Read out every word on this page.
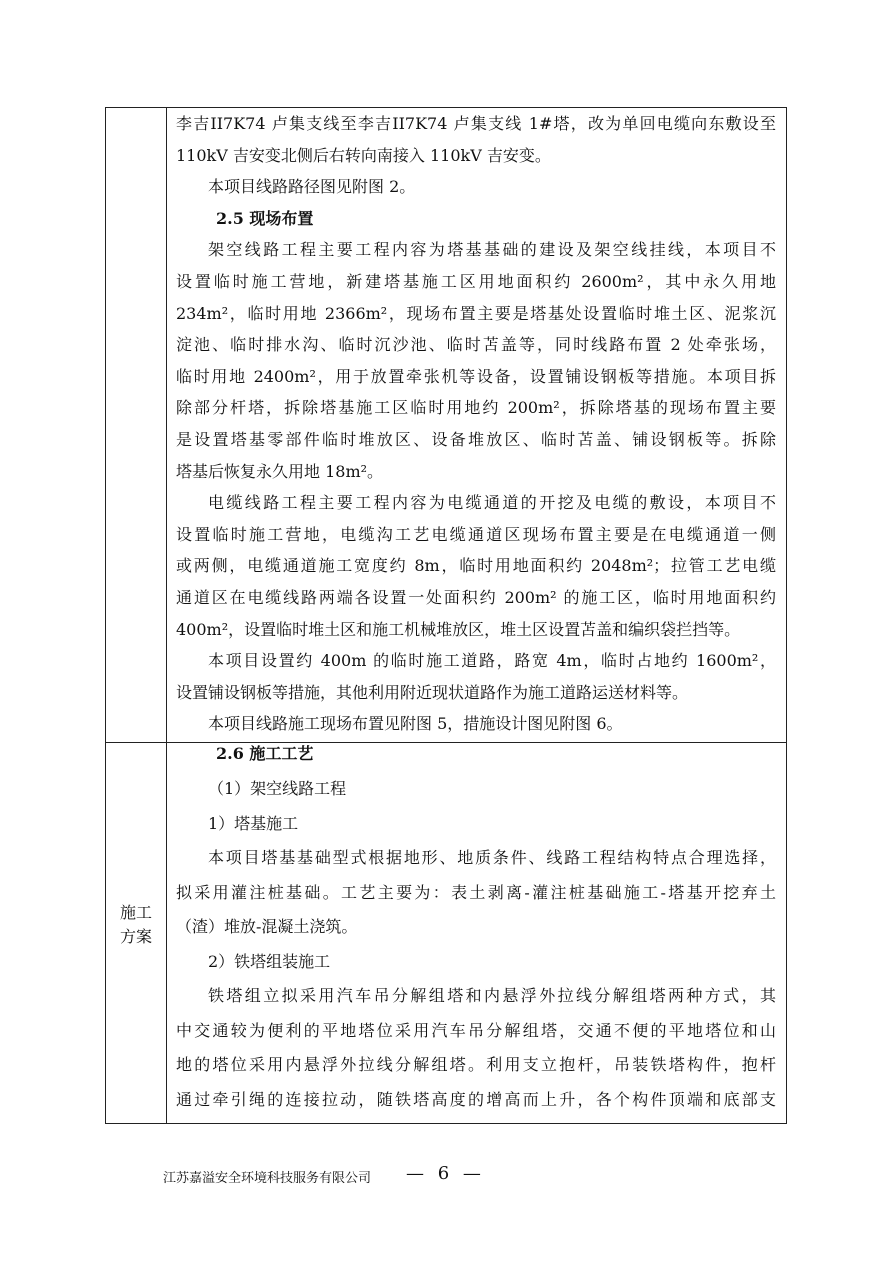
施工
方案

李吉II7K74 卢集支线至李吉II7K74 卢集支线 1#塔，改为单回电缆向东敷设至

110kV 吉安变北侧后右转向南接入 110kV 吉安变。

本项目线路路径图见附图 2。

2.5 现场布置

架空线路工程主要工程内容为塔基基础的建设及架空线挂线，本项目不

设置临时施工营地，新建塔基施工区用地面积约 2600m²，其中永久用地

234m²，临时用地 2366m²，现场布置主要是塔基处设置临时堆土区、泥浆沉

淀池、临时排水沟、临时沉沙池、临时苫盖等，同时线路布置 2 处牵张场，

临时用地 2400m²，用于放置牵张机等设备，设置铺设钢板等措施。本项目拆

除部分杆塔，拆除塔基施工区临时用地约 200m²，拆除塔基的现场布置主要

是设置塔基零部件临时堆放区、设备堆放区、临时苫盖、铺设钢板等。拆除

塔基后恢复永久用地 18m²。

电缆线路工程主要工程内容为电缆通道的开挖及电缆的敷设，本项目不

设置临时施工营地，电缆沟工艺电缆通道区现场布置主要是在电缆通道一侧

或两侧，电缆通道施工宽度约 8m，临时用地面积约 2048m²；拉管工艺电缆

通道区在电缆线路两端各设置一处面积约 200m² 的施工区，临时用地面积约

400m²，设置临时堆土区和施工机械堆放区，堆土区设置苫盖和编织袋拦挡等。

本项目设置约 400m 的临时施工道路，路宽 4m，临时占地约 1600m²，

设置铺设钢板等措施，其他利用附近现状道路作为施工道路运送材料等。

本项目线路施工现场布置见附图 5，措施设计图见附图 6。

2.6 施工工艺

（1）架空线路工程

1）塔基施工

本项目塔基基础型式根据地形、地质条件、线路工程结构特点合理选择，

拟采用灌注桩基础。工艺主要为：表土剥离-灌注桩基础施工-塔基开挖弃土

（渣）堆放-混凝土浇筑。

2）铁塔组装施工

铁塔组立拟采用汽车吊分解组塔和内悬浮外拉线分解组塔两种方式，其

中交通较为便利的平地塔位采用汽车吊分解组塔，交通不便的平地塔位和山

地的塔位采用内悬浮外拉线分解组塔。利用支立抱杆，吊装铁塔构件，抱杆

通过牵引绳的连接拉动，随铁塔高度的增高而上升，各个构件顶端和底部支

江苏嘉溢安全环境科技服务有限公司 — 6 —
